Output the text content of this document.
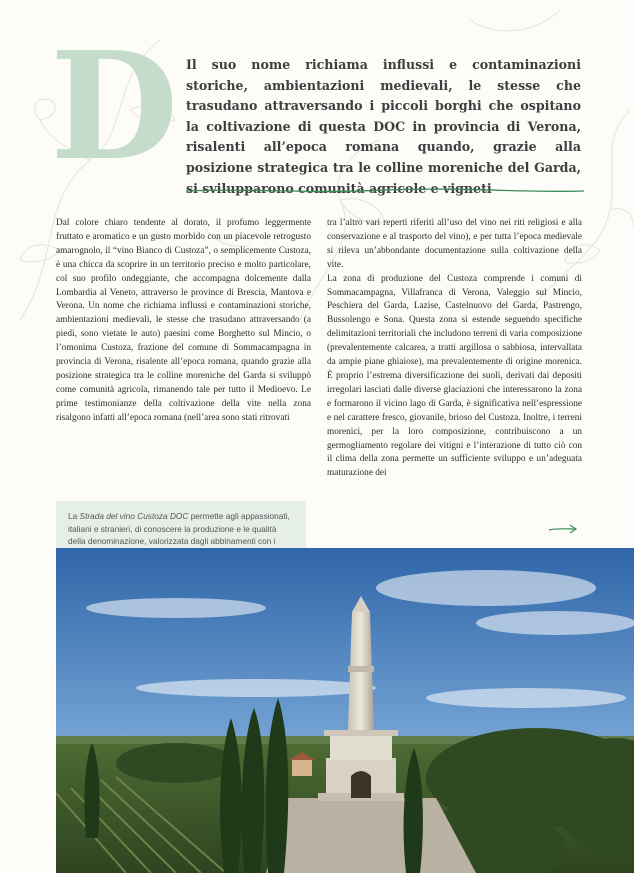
D Il suo nome richiama influssi e contaminazioni storiche, ambientazioni medievali, le stesse che trasudano attraversando i piccoli borghi che ospitano la coltivazione di questa DOC in provincia di Verona, risalenti all’epoca romana quando, grazie alla posizione strategica tra le colline moreniche del Garda, si svilupparono comunità agricole e vigneti

Dal colore chiaro tendente al dorato, il profumo leggermente fruttato e aromatico e un gusto morbido con un piacevole retrogusto amarognolo, il “vino Bianco di Custoza”, o semplicemente Custoza, è una chicca da scoprire in un territorio preciso e molto particolare, col suo profilo ondeggiante, che accompagna dolcemente dalla Lombardia al Veneto, attraverso le province di Brescia, Mantova e Verona. Un nome che richiama influssi e contaminazioni storiche, ambientazioni medievali, le stesse che trasudano attraversando (a piedi, sono vietate le auto) paesini come Borghetto sul Mincio, o l’omonima Custoza, frazione del comune di Sommacampagna in provincia di Verona, risalente all’epoca romana, quando grazie alla posizione strategica tra le colline moreniche del Garda si sviluppò come comunità agricola, rimanendo tale per tutto il Medioevo. Le prime testimonianze della coltivazione della vite nella zona risalgono infatti all’epoca romana (nell’area sono stati ritrovati

tra l’altro vari reperti riferiti all’uso del vino nei riti religiosi e alla conservazione e al trasporto del vino), e per tutta l’epoca medievale si rileva un’abbondante documentazione sulla coltivazione della vite.

La zona di produzione del Custoza comprende i comuni di Sommacampagna, Villafranca di Verona, Valeggio sul Mincio, Peschiera del Garda, Lazise, Castelnuovo del Garda, Pastrengo, Bussolengo e Sona. Questa zona si estende seguendo specifiche delimitazioni territoriali che includono terreni di varia composizione (prevalentemente calcarea, a tratti argillosa o sabbiosa, intervallata da ampie piane ghiaiose), ma prevalentemente di origine morenica. È proprio l’estrema diversificazione dei suoli, derivati dai depositi irregolari lasciati dalle diverse glaciazioni che interessarono la zona e formarono il vicino lago di Garda, è significativa nell’espressione e nel carattere fresco, giovanile, brioso del Custoza. Inoltre, i terreni morenici, per la loro composizione, contribuiscono a un germogliamento regolare dei vitigni e l’interazione di tutto ciò con il clima della zona permette un sufficiente sviluppo e un’adeguata maturazione dei

La Strada del vino Custoza DOC permette agli appassionati, italiani e stranieri, di conoscere la produzione e le qualità della denominazione, valorizzata dagli abbinamenti con i
